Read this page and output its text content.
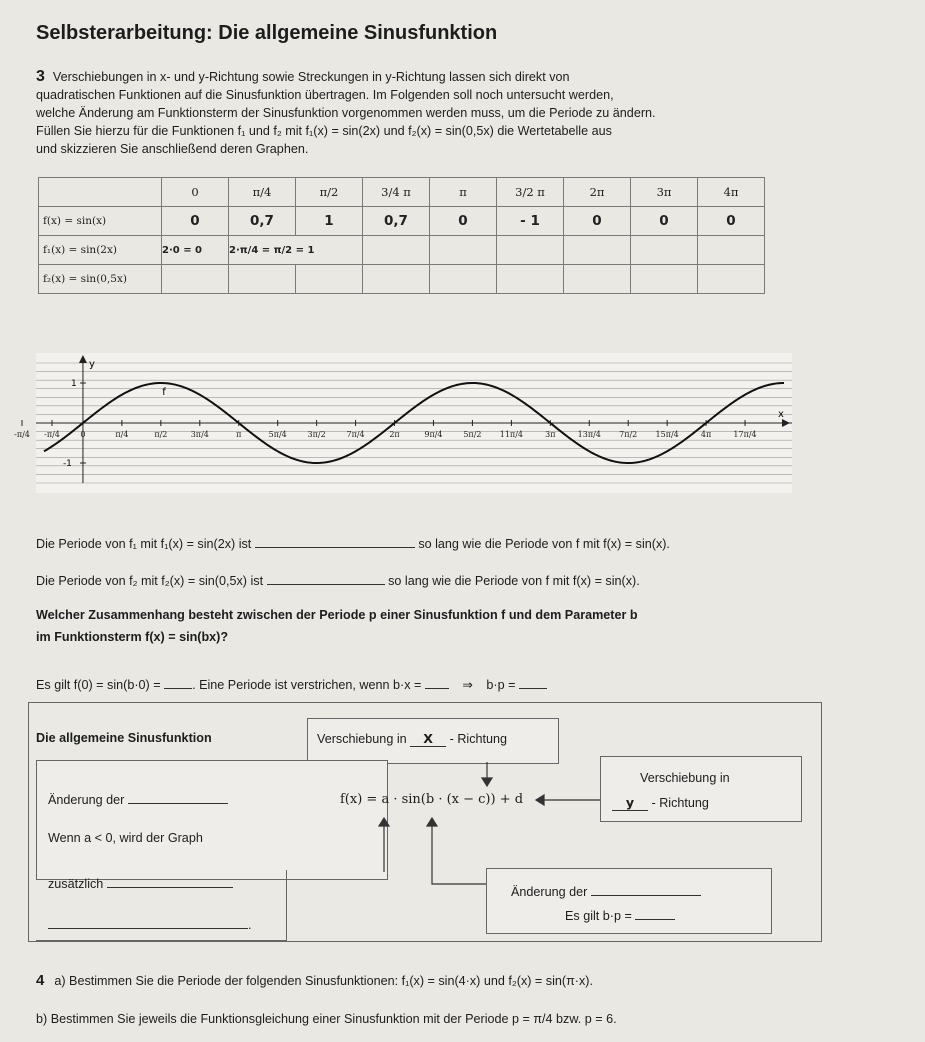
Selbsterarbeitung: Die allgemeine Sinusfunktion
3 Verschiebungen in x- und y-Richtung sowie Streckungen in y-Richtung lassen sich direkt von
quadratischen Funktionen auf die Sinusfunktion übertragen. Im Folgenden soll noch untersucht werden,
welche Änderung am Funktionsterm der Sinusfunktion vorgenommen werden muss, um die Periode zu ändern.
Füllen Sie hierzu für die Funktionen f₁ und f₂ mit f₁(x) = sin(2x) und f₂(x) = sin(0,5x) die Wertetabelle aus
und skizzieren Sie anschließend deren Graphen.
	0	π/4	π/2	3/4 π	π	3/2 π	2π	3π	4π
f(x) = sin(x)	0	0,7	1	0,7	0	- 1	0	0	0
f₁(x) = sin(2x)	2·0 = 0	2·π/4 = π/2 = 1							
f₂(x) = sin(0,5x)									
-π/4 -π/4	0	π/4	π/2	3π/4	π	5π/4	3π/2	7π/4	2π	9π/4	5π/2 11π/4	3π	13π/4 7π/2 15π/4	4π	17π/4
1
-1
x
y
f
Die Periode von f₁ mit f₁(x) = sin(2x) ist	so lang wie die Periode von f mit f(x) = sin(x).
Die Periode von f₂ mit f₂(x) = sin(0,5x) ist	so lang wie die Periode von f mit f(x) = sin(x).
Welcher Zusammenhang besteht zwischen der Periode p einer Sinusfunktion f und dem Parameter b
im Funktionsterm f(x) = sin(bx)?
Es gilt f(0) = sin(b·0) =	. Eine Periode ist verstrichen, wenn b·x =	⇒ b·p =
Die allgemeine Sinusfunktion	Verschiebung in X - Richtung
Änderung der
Wenn a < 0, wird der Graph
zusätzlich
.
f(x) = a · sin(b · (x − c)) + d
Verschiebung in
y - Richtung
Änderung der
Es gilt b·p =
4 a) Bestimmen Sie die Periode der folgenden Sinusfunktionen: f₁(x) = sin(4·x) und f₂(x) = sin(π·x).
b) Bestimmen Sie jeweils die Funktionsgleichung einer Sinusfunktion mit der Periode p = π/4 bzw. p = 6.
